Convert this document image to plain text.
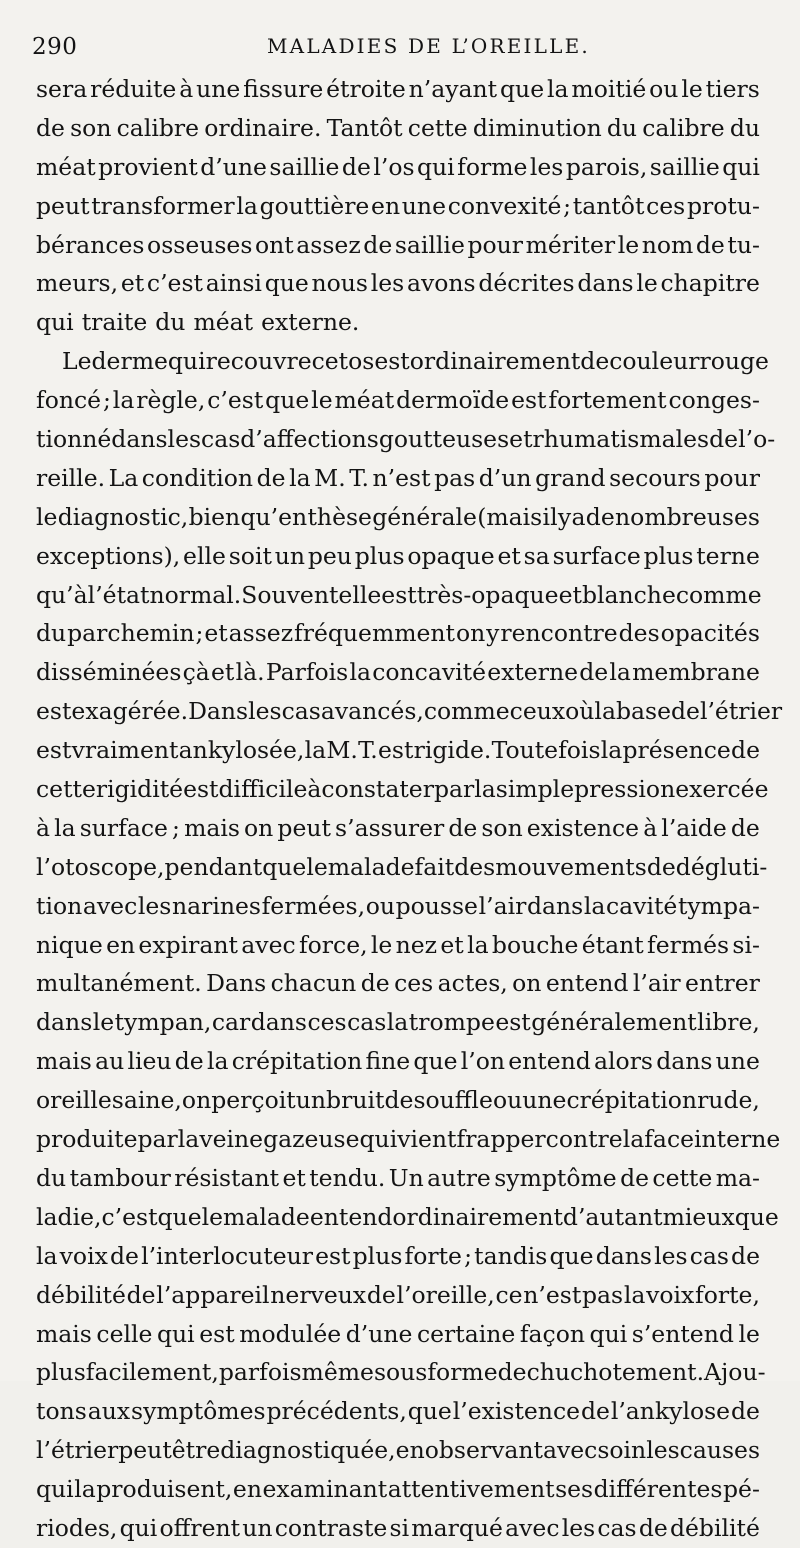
290	MALADIES DE L’OREILLE.
sera réduite à une fissure étroite n’ayant que la moitié ou le tiers
de son calibre ordinaire. Tantôt cette diminution du calibre du
méat provient d’une saillie de l’os qui forme les parois, saillie qui
peut transformer la gouttière en une convexité ; tantôt ces protu-
bérances osseuses ont assez de saillie pour mériter le nom de tu-
meurs, et c’est ainsi que nous les avons décrites dans le chapitre
qui traite du méat externe.
Le derme qui recouvre cet os est ordinairement de couleur rouge
foncé ; la règle, c’est que le méat dermoïde est fortement conges-
tionné dans les cas d’affections goutteuses et rhumatismales de l’o-
reille. La condition de la M. T. n’est pas d’un grand secours pour
le diagnostic, bien qu’en thèse générale (mais il y a de nombreuses
exceptions), elle soit un peu plus opaque et sa surface plus terne
qu’à l’état normal. Souvent elle est très-opaque et blanche comme
du parchemin ; et assez fréquemment on y rencontre des opacités
disséminées çà et là. Parfois la concavité externe de la membrane
est exagérée. Dans les cas avancés, comme ceux où la base de l’étrier
est vraiment ankylosée, la M. T. est rigide. Toutefois la présence de
cette rigidité est difficile à constater par la simple pression exercée
à la surface ; mais on peut s’assurer de son existence à l’aide de
l’otoscope, pendant que le malade fait des mouvements de dégluti-
tion avec les narines fermées, ou pousse l’air dans la cavité tympa-
nique en expirant avec force, le nez et la bouche étant fermés si-
multanément. Dans chacun de ces actes, on entend l’air entrer
dans le tympan, car dans ces cas la trompe est généralement libre,
mais au lieu de la crépitation fine que l’on entend alors dans une
oreille saine, on perçoit un bruit de souffle ou une crépitation rude,
produite par la veine gazeuse qui vient frapper contre la face interne
du tambour résistant et tendu. Un autre symptôme de cette ma-
ladie, c’est que le malade entend ordinairement d’autant mieux que
la voix de l’interlocuteur est plus forte ; tandis que dans les cas de
débilité de l’appareil nerveux de l’oreille, ce n’est pas la voix forte,
mais celle qui est modulée d’une certaine façon qui s’entend le
plus facilement, parfois même sous forme de chuchotement. Ajou-
tons aux symptômes précédents, que l’existence de l’ankylose de
l’étrier peut être diagnostiquée, en observant avec soin les causes
qui la produisent, en examinant attentivement ses différentes pé-
riodes, qui offrent un contraste si marqué avec les cas de débilité
